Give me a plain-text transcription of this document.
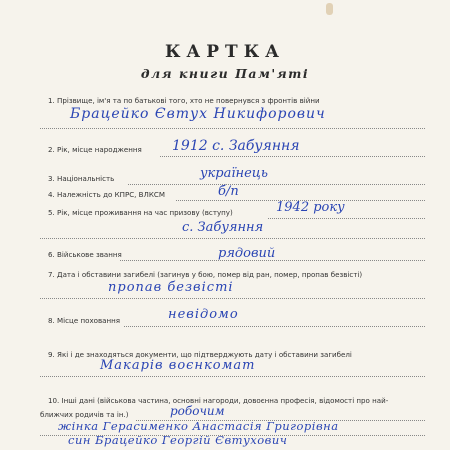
КАРТКА
для книги Пам'яті
1. Прізвище, ім'я та по батькові того, хто не повернувся з фронтів війни
Брацейко Євтух Никифорович
2. Рік, місце народження 1912 с. Забуяння
3. Національність	українець
4. Належність до КПРС, ВЛКСМ	б/п
5. Рік, місце проживання на час призову (вступу)	1942 року
с. Забуяння
6. Військове звання	рядовий
7. Дата і обставини загибелі (загинув у бою, помер від ран, помер, пропав безвісті)
пропав безвісті
8. Місце поховання	невідомо
9. Які і де знаходяться документи, що підтверджують дату і обставини загибелі
Макарів воєнкомат
10. Інші дані (військова частина, основні нагороди, довоєнна професія, відомості про най-
ближчих родичів та ін.)	робочим
жінка Герасименко Анастасія Григорівна
син Брацейко Георгій Євтухович
